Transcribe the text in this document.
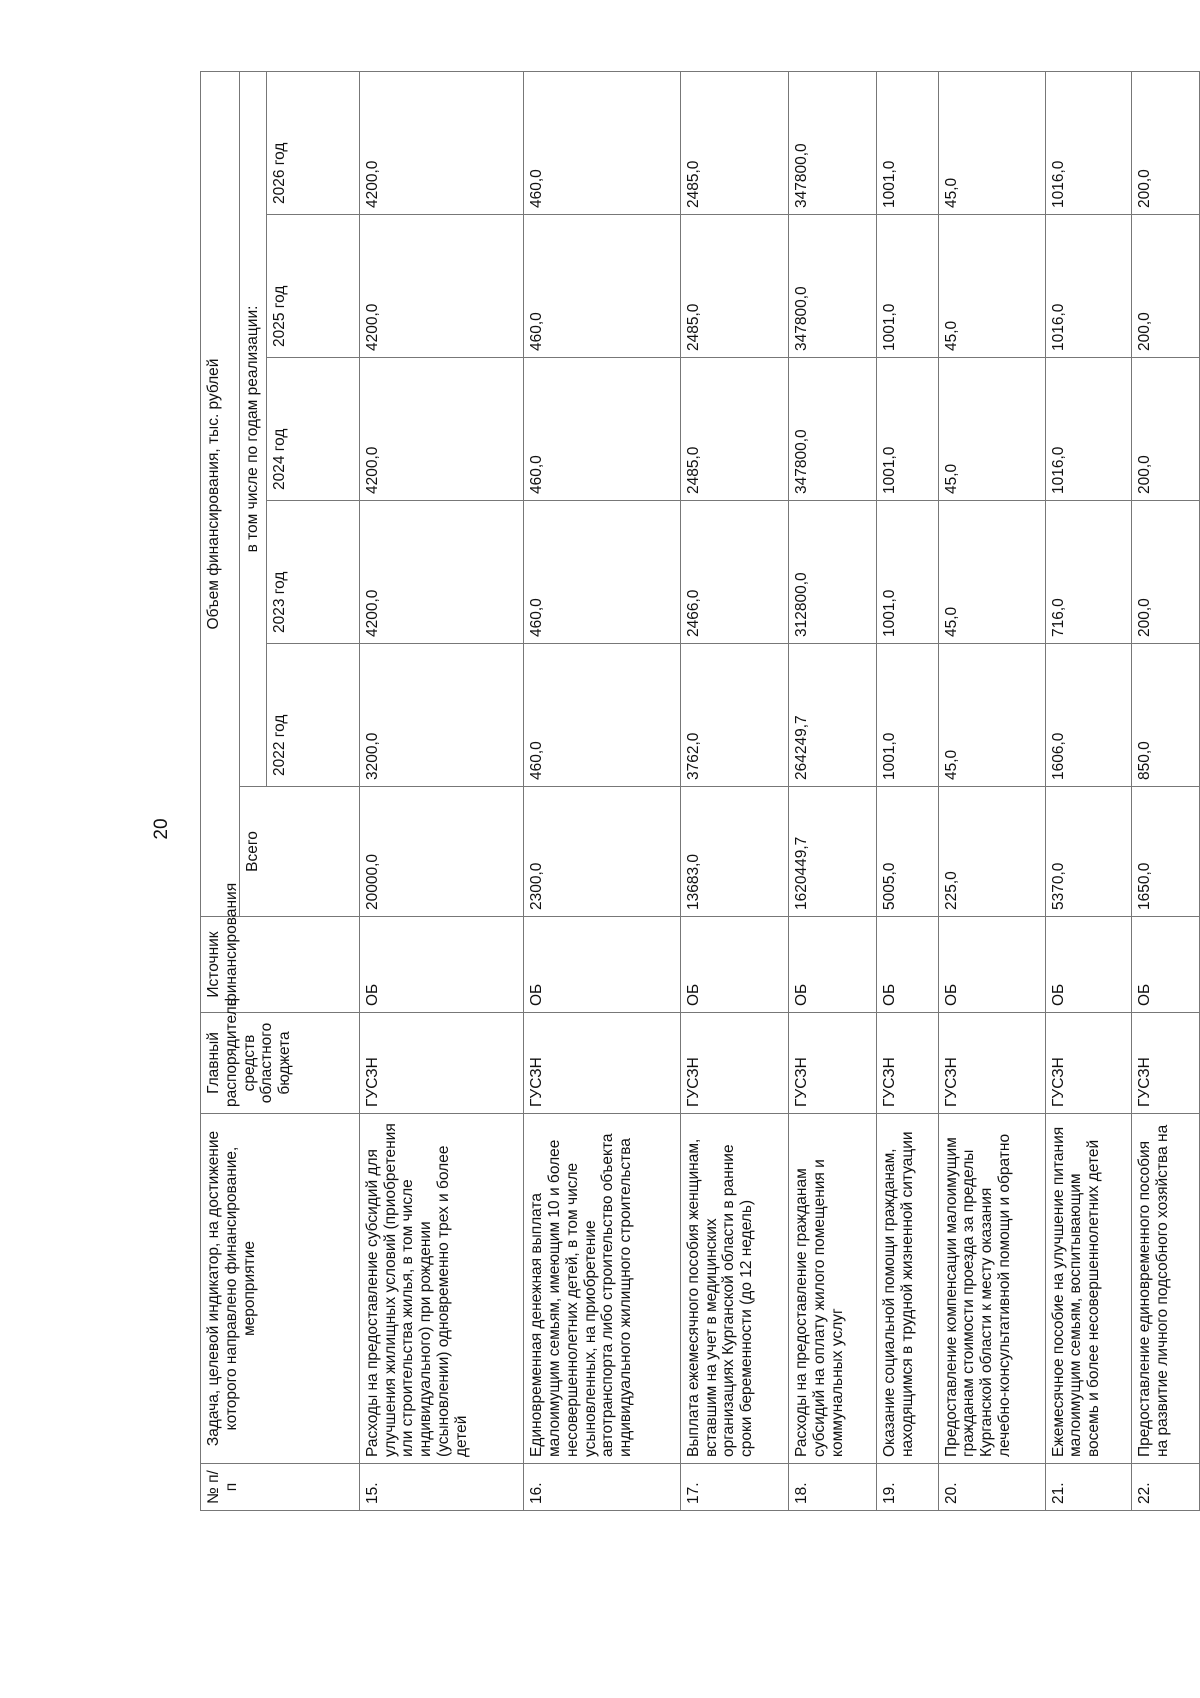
20
№ п/п	Задача, целевой индикатор, на достижение которого направлено финансирование, мероприятие	Главный распорядитель средств областного бюджета	Источник финансирования	Объем финансирования, тыс. рублей					
				Всего	в том числе по годам реализации:				
					2022 год	2023 год	2024 год	2025 год	2026 год
15.	Расходы на предоставление субсидий для улучшения жилищных условий (приобретения или строительства жилья, в том числе индивидуального) при рождении (усыновлении) одновременно трех и более детей	ГУСЗН	ОБ	20000,0	3200,0	4200,0	4200,0	4200,0	4200,0
16.	Единовременная денежная выплата малоимущим семьям, имеющим 10 и более несовершеннолетних детей, в том числе усыновленных, на приобретение автотранспорта либо строительство объекта индивидуального жилищного строительства	ГУСЗН	ОБ	2300,0	460,0	460,0	460,0	460,0	460,0
17.	Выплата ежемесячного пособия женщинам, вставшим на учет в медицинских организациях Курганской области в ранние сроки беременности (до 12 недель)	ГУСЗН	ОБ	13683,0	3762,0	2466,0	2485,0	2485,0	2485,0
18.	Расходы на предоставление гражданам субсидий на оплату жилого помещения и коммунальных услуг	ГУСЗН	ОБ	1620449,7	264249,7	312800,0	347800,0	347800,0	347800,0
19.	Оказание социальной помощи гражданам, находящимся в трудной жизненной ситуации	ГУСЗН	ОБ	5005,0	1001,0	1001,0	1001,0	1001,0	1001,0
20.	Предоставление компенсации малоимущим гражданам стоимости проезда за пределы Курганской области к месту оказания лечебно-консультативной помощи и обратно	ГУСЗН	ОБ	225,0	45,0	45,0	45,0	45,0	45,0
21.	Ежемесячное пособие на улучшение питания малоимущим семьям, воспитывающим восемь и более несовершеннолетних детей	ГУСЗН	ОБ	5370,0	1606,0	716,0	1016,0	1016,0	1016,0
22.	Предоставление единовременного пособия на развитие личного подсобного хозяйства на	ГУСЗН	ОБ	1650,0	850,0	200,0	200,0	200,0	200,0
